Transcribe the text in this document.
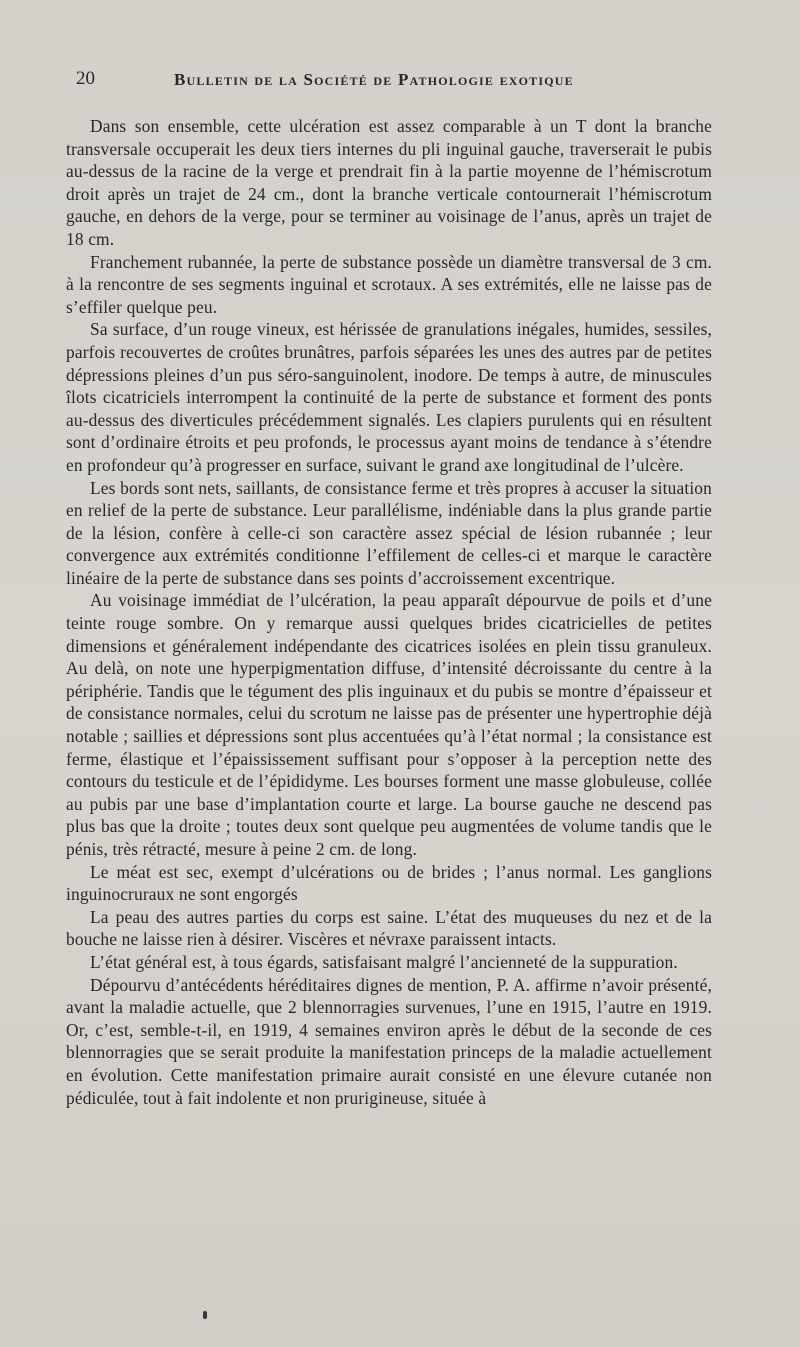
20	Bulletin de la Société de Pathologie exotique

Dans son ensemble, cette ulcération est assez comparable à un T dont la branche transversale occuperait les deux tiers internes du pli inguinal gauche, traverserait le pubis au-dessus de la racine de la verge et prendrait fin à la partie moyenne de l’hémiscrotum droit après un trajet de 24 cm., dont la branche verticale contournerait l’hémiscrotum gauche, en dehors de la verge, pour se terminer au voisinage de l’anus, après un trajet de 18 cm.

Franchement rubannée, la perte de substance possède un diamètre transversal de 3 cm. à la rencontre de ses segments inguinal et scrotaux. A ses extrémités, elle ne laisse pas de s’effiler quelque peu.

Sa surface, d’un rouge vineux, est hérissée de granulations inégales, humides, sessiles, parfois recouvertes de croûtes brunâtres, parfois séparées les unes des autres par de petites dépressions pleines d’un pus séro-sanguinolent, inodore. De temps à autre, de minuscules îlots cicatriciels interrompent la continuité de la perte de substance et forment des ponts au-dessus des diverticules précédemment signalés. Les clapiers purulents qui en résultent sont d’ordinaire étroits et peu profonds, le processus ayant moins de tendance à s’étendre en profondeur qu’à progresser en surface, suivant le grand axe longitudinal de l’ulcère.

Les bords sont nets, saillants, de consistance ferme et très propres à accuser la situation en relief de la perte de substance. Leur parallélisme, indéniable dans la plus grande partie de la lésion, confère à celle-ci son caractère assez spécial de lésion rubannée ; leur convergence aux extrémités conditionne l’effilement de celles-ci et marque le caractère linéaire de la perte de substance dans ses points d’accroissement excentrique.

Au voisinage immédiat de l’ulcération, la peau apparaît dépourvue de poils et d’une teinte rouge sombre. On y remarque aussi quelques brides cicatricielles de petites dimensions et généralement indépendante des cicatrices isolées en plein tissu granuleux. Au delà, on note une hyperpigmentation diffuse, d’intensité décroissante du centre à la périphérie. Tandis que le tégument des plis inguinaux et du pubis se montre d’épaisseur et de consistance normales, celui du scrotum ne laisse pas de présenter une hypertrophie déjà notable ; saillies et dépressions sont plus accentuées qu’à l’état normal ; la consistance est ferme, élastique et l’épaississement suffisant pour s’opposer à la perception nette des contours du testicule et de l’épididyme. Les bourses forment une masse globuleuse, collée au pubis par une base d’implantation courte et large. La bourse gauche ne descend pas plus bas que la droite ; toutes deux sont quelque peu augmentées de volume tandis que le pénis, très rétracté, mesure à peine 2 cm. de long.

Le méat est sec, exempt d’ulcérations ou de brides ; l’anus normal. Les ganglions inguinocruraux ne sont engorgés

La peau des autres parties du corps est saine. L’état des muqueuses du nez et de la bouche ne laisse rien à désirer. Viscères et névraxe paraissent intacts.

L’état général est, à tous égards, satisfaisant malgré l’ancienneté de la suppuration.

Dépourvu d’antécédents héréditaires dignes de mention, P. A. affirme n’avoir présenté, avant la maladie actuelle, que 2 blennorragies survenues, l’une en 1915, l’autre en 1919. Or, c’est, semble-t-il, en 1919, 4 semaines environ après le début de la seconde de ces blennorragies que se serait produite la manifestation princeps de la maladie actuellement en évolution. Cette manifestation primaire aurait consisté en une élevure cutanée non pédiculée, tout à fait indolente et non prurigineuse, située à
